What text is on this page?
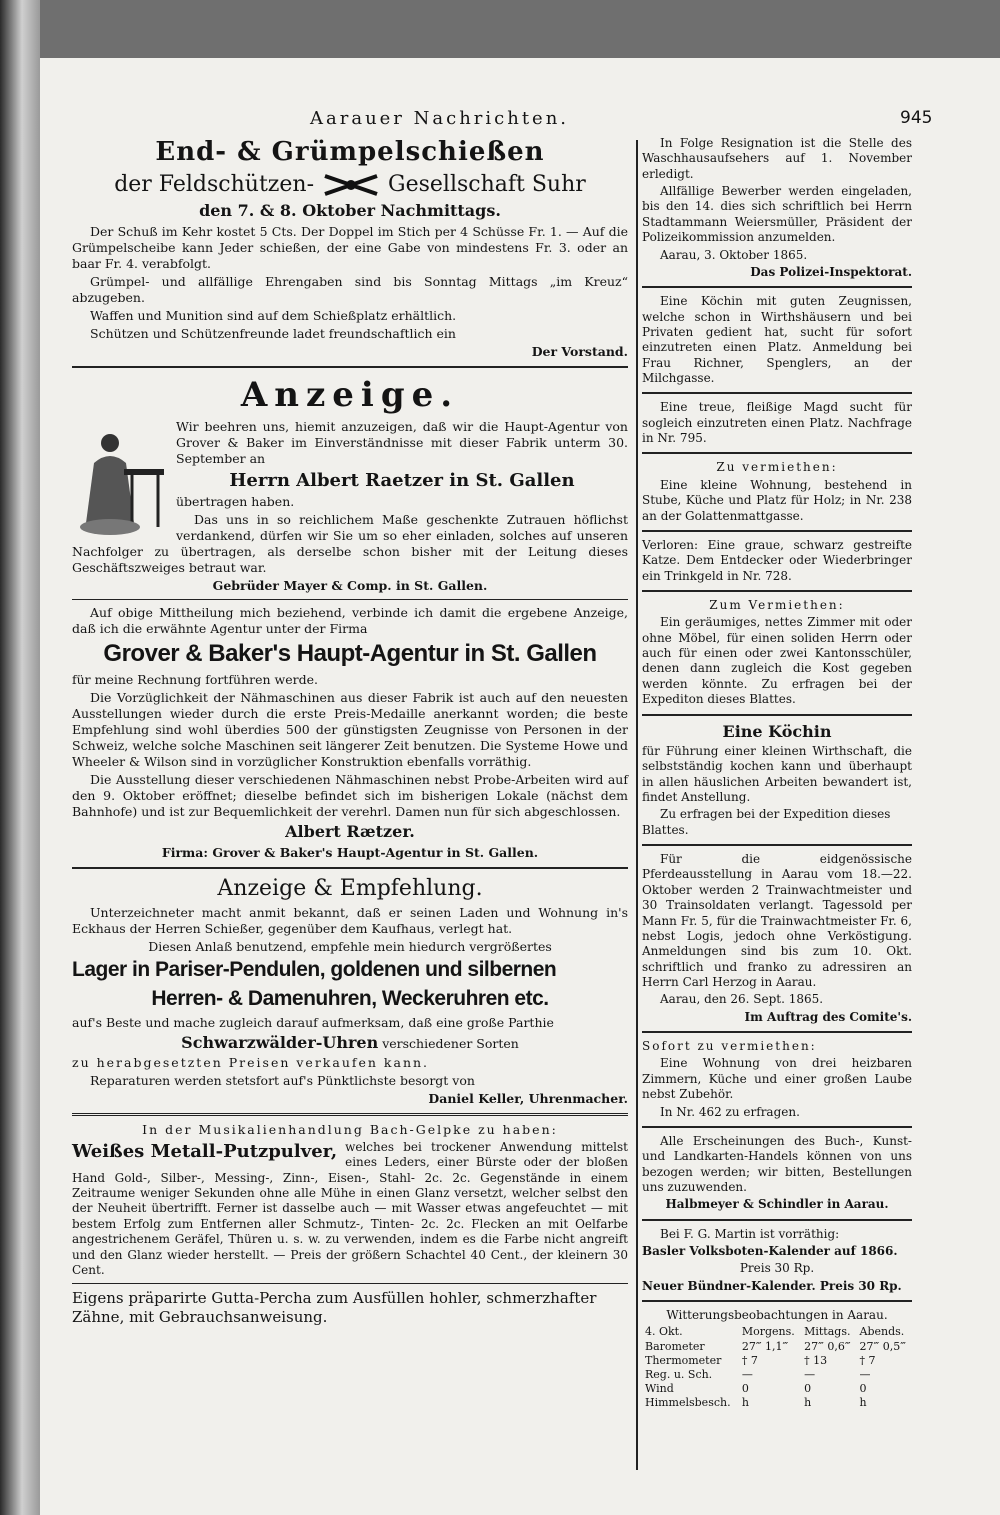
Aarauer Nachrichten.	945

End- & Grümpelschießen

der Feldschützen-	Gesellschaft Suhr

den 7. & 8. Oktober Nachmittags.

Der Schuß im Kehr kostet 5 Cts. Der Doppel im Stich per 4 Schüsse Fr. 1. — Auf die Grümpelscheibe kann Jeder schießen, der eine Gabe von mindestens Fr. 3. oder an baar Fr. 4. verabfolgt.

Grümpel- und allfällige Ehrengaben sind bis Sonntag Mittags „im Kreuz“ abzugeben.

Waffen und Munition sind auf dem Schießplatz erhältlich.

Schützen und Schützenfreunde ladet freundschaftlich ein

Der Vorstand.

Anzeige.

Wir beehren uns, hiemit anzuzeigen, daß wir die Haupt-Agentur von Grover & Baker im Einverständnisse mit dieser Fabrik unterm 30. September an

Herrn Albert Raetzer in St. Gallen

übertragen haben.

Das uns in so reichlichem Maße geschenkte Zutrauen höflichst verdankend, dürfen wir Sie um so eher einladen, solches auf unseren Nachfolger zu übertragen, als derselbe schon bisher mit der Leitung dieses Geschäftszweiges betraut war.

Gebrüder Mayer & Comp. in St. Gallen.

Auf obige Mittheilung mich beziehend, verbinde ich damit die ergebene Anzeige, daß ich die erwähnte Agentur unter der Firma

Grover & Baker's Haupt-Agentur in St. Gallen

für meine Rechnung fortführen werde.

Die Vorzüglichkeit der Nähmaschinen aus dieser Fabrik ist auch auf den neuesten Ausstellungen wieder durch die erste Preis-Medaille anerkannt worden; die beste Empfehlung sind wohl überdies 500 der günstigsten Zeugnisse von Personen in der Schweiz, welche solche Maschinen seit längerer Zeit benutzen. Die Systeme Howe und Wheeler & Wilson sind in vorzüglicher Konstruktion ebenfalls vorräthig.

Die Ausstellung dieser verschiedenen Nähmaschinen nebst Probe-Arbeiten wird auf den 9. Oktober eröffnet; dieselbe befindet sich im bisherigen Lokale (nächst dem Bahnhofe) und ist zur Bequemlichkeit der verehrl. Damen nun für sich abgeschlossen.

Albert Rætzer.

Firma: Grover & Baker's Haupt-Agentur in St. Gallen.

Anzeige & Empfehlung.

Unterzeichneter macht anmit bekannt, daß er seinen Laden und Wohnung in's Eckhaus der Herren Schießer, gegenüber dem Kaufhaus, verlegt hat.

Diesen Anlaß benutzend, empfehle mein hiedurch vergrößertes

Lager in Pariser-Pendulen, goldenen und silbernen

Herren- & Damenuhren, Weckeruhren etc.

auf's Beste und mache zugleich darauf aufmerksam, daß eine große Parthie

Schwarzwälder-Uhren verschiedener Sorten

zu herabgesetzten Preisen verkaufen kann.

Reparaturen werden stetsfort auf's Pünktlichste besorgt von

Daniel Keller, Uhrenmacher.

In der Musikalienhandlung Bach-Gelpke zu haben:

Weißes Metall-Putzpulver, welches bei trockener Anwendung mittelst eines Leders, einer Bürste oder der bloßen Hand Gold-, Silber-, Messing-, Zinn-, Eisen-, Stahl- 2c. 2c. Gegenstände in einem Zeitraume weniger Sekunden ohne alle Mühe in einen Glanz versetzt, welcher selbst den der Neuheit übertrifft. Ferner ist dasselbe auch — mit Wasser etwas angefeuchtet — mit bestem Erfolg zum Entfernen aller Schmutz-, Tinten- 2c. 2c. Flecken an mit Oelfarbe angestrichenem Geräfel, Thüren u. s. w. zu verwenden, indem es die Farbe nicht angreift und den Glanz wieder herstellt. — Preis der größern Schachtel 40 Cent., der kleinern 30 Cent.

Eigens präparirte Gutta-Percha zum Ausfüllen hohler, schmerzhafter Zähne, mit Gebrauchsanweisung.

In Folge Resignation ist die Stelle des Waschhausaufsehers auf 1. November erledigt.

Allfällige Bewerber werden eingeladen, bis den 14. dies sich schriftlich bei Herrn Stadtammann Weiersmüller, Präsident der Polizeikommission anzumelden.

Aarau, 3. Oktober 1865.

Das Polizei-Inspektorat.

Eine Köchin mit guten Zeugnissen, welche schon in Wirthshäusern und bei Privaten gedient hat, sucht für sofort einzutreten einen Platz. Anmeldung bei Frau Richner, Spenglers, an der Milchgasse.

Eine treue, fleißige Magd sucht für sogleich einzutreten einen Platz. Nachfrage in Nr. 795.

Zu vermiethen:

Eine kleine Wohnung, bestehend in Stube, Küche und Platz für Holz; in Nr. 238 an der Golattenmattgasse.

Verloren: Eine graue, schwarz gestreifte Katze. Dem Entdecker oder Wiederbringer ein Trinkgeld in Nr. 728.

Zum Vermiethen:

Ein geräumiges, nettes Zimmer mit oder ohne Möbel, für einen soliden Herrn oder auch für einen oder zwei Kantonsschüler, denen dann zugleich die Kost gegeben werden könnte. Zu erfragen bei der Expediton dieses Blattes.

Eine Köchin

für Führung einer kleinen Wirthschaft, die selbstständig kochen kann und überhaupt in allen häuslichen Arbeiten bewandert ist, findet Anstellung.

Zu erfragen bei der Expedition dieses Blattes.

Für die eidgenössische Pferdeausstellung in Aarau vom 18.—22. Oktober werden 2 Trainwachtmeister und 30 Trainsoldaten verlangt. Tagessold per Mann Fr. 5, für die Trainwachtmeister Fr. 6, nebst Logis, jedoch ohne Verköstigung. Anmeldungen sind bis zum 10. Okt. schriftlich und franko zu adressiren an Herrn Carl Herzog in Aarau.

Aarau, den 26. Sept. 1865.

Im Auftrag des Comite's.

Sofort zu vermiethen:

Eine Wohnung von drei heizbaren Zimmern, Küche und einer großen Laube nebst Zubehör.

In Nr. 462 zu erfragen.

Alle Erscheinungen des Buch-, Kunst- und Landkarten-Handels können von uns bezogen werden; wir bitten, Bestellungen uns zuzuwenden.

Halbmeyer & Schindler in Aarau.

Bei F. G. Martin ist vorräthig:

Basler Volksboten-Kalender auf 1866.

Preis 30 Rp.

Neuer Bündner-Kalender. Preis 30 Rp.

Witterungsbeobachtungen in Aarau.

4. Okt.	Morgens.	Mittags.	Abends.
Barometer	27‴ 1,1‴	27‴ 0,6‴	27‴ 0,5‴
Thermometer	† 7	† 13	† 7
Reg. u. Sch.	—	—	—
Wind	0	0	0
Himmelsbesch.	h	h	h
